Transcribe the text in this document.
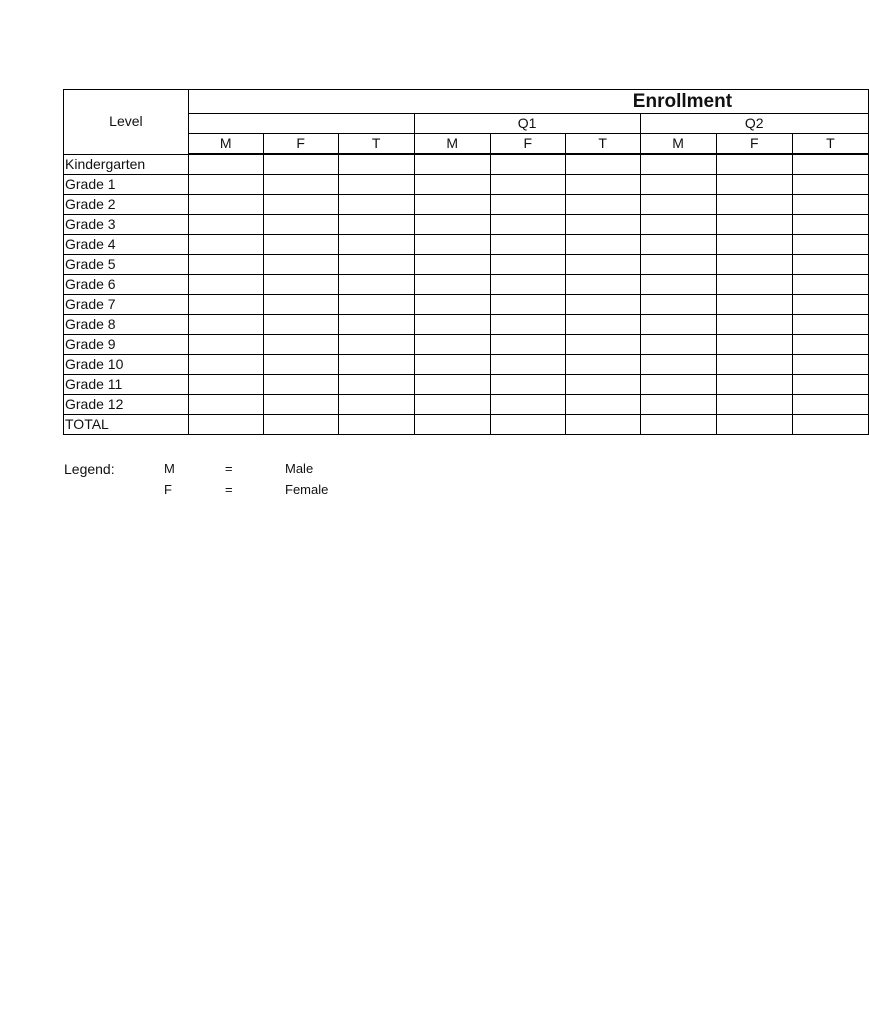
Level	Enrollment								
				Q1			Q2		
	M	F	T	M	F	T	M	F	T
Kindergarten									
Grade 1									
Grade 2									
Grade 3									
Grade 4									
Grade 5									
Grade 6									
Grade 7									
Grade 8									
Grade 9									
Grade 10									
Grade 11									
Grade 12									
TOTAL									
Legend:	M	=	Male
F	=	Female
